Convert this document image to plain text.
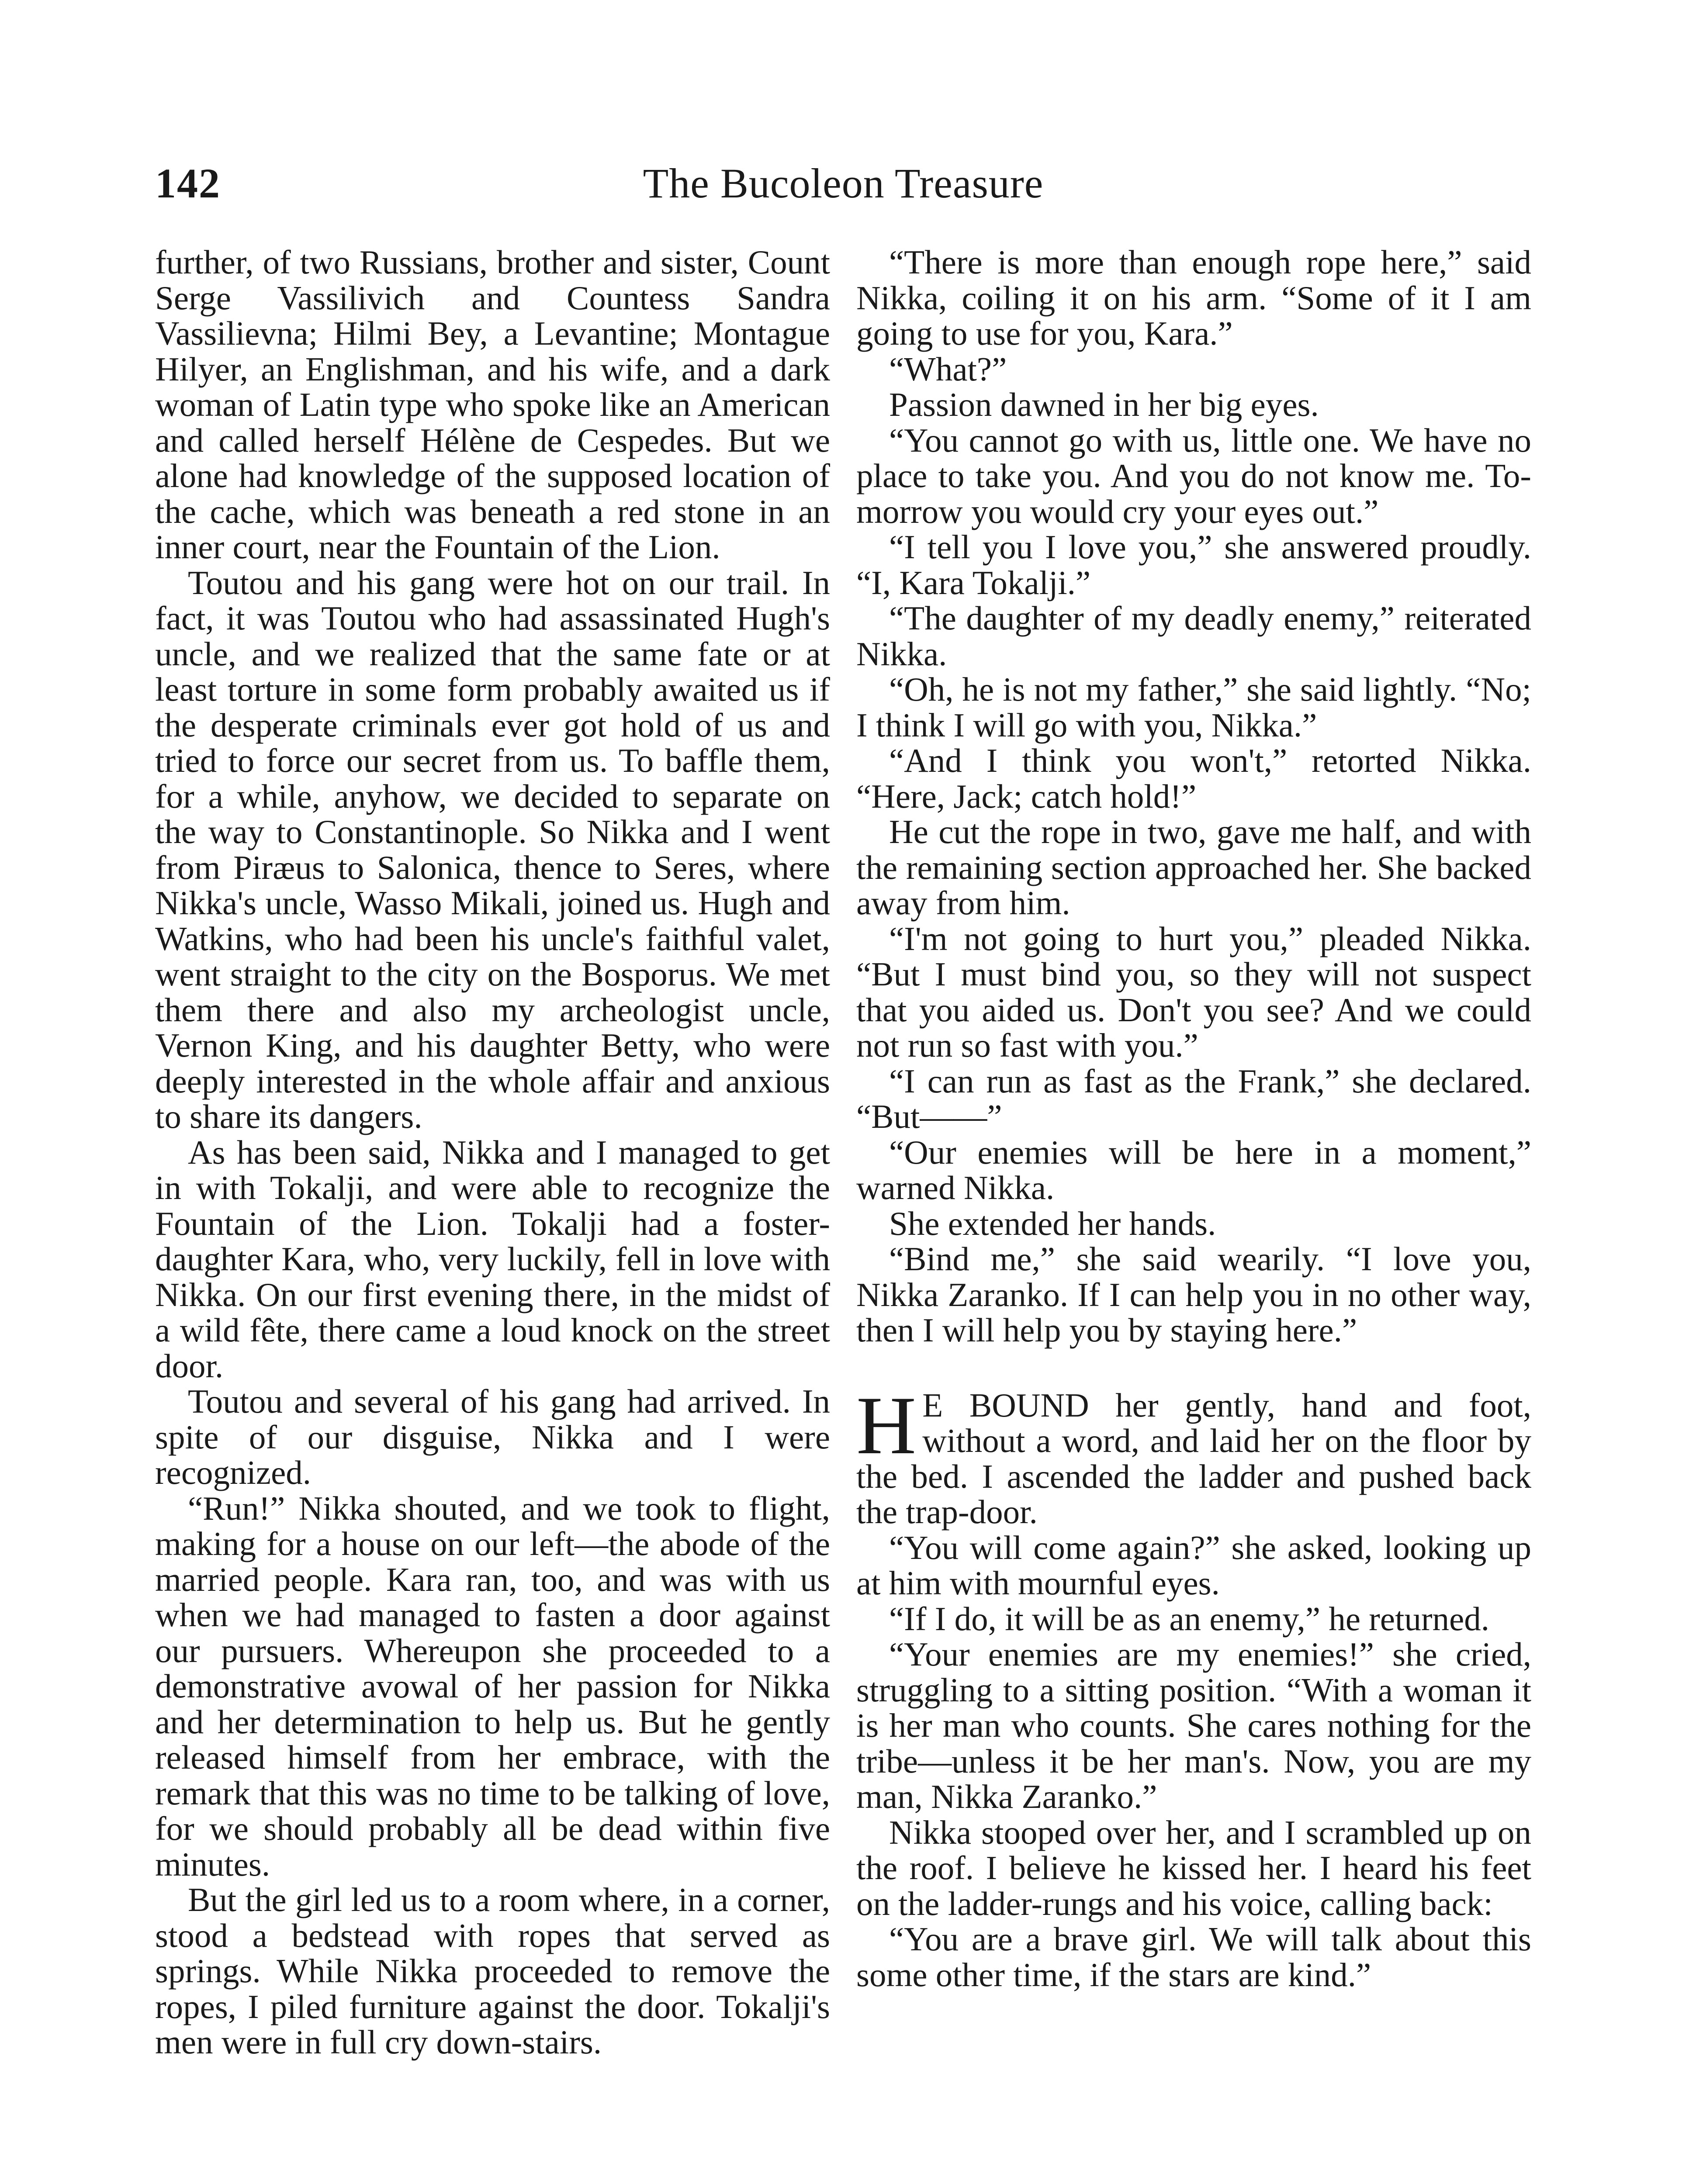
142	The Bucoleon Treasure

further, of two Russians, brother and sister, Count Serge Vassilivich and Countess Sandra Vassilievna; Hilmi Bey, a Levantine; Montague Hilyer, an Englishman, and his wife, and a dark woman of Latin type who spoke like an American and called herself Hélène de Cespedes. But we alone had knowledge of the supposed location of the cache, which was beneath a red stone in an inner court, near the Fountain of the Lion.

Toutou and his gang were hot on our trail. In fact, it was Toutou who had assassinated Hugh's uncle, and we realized that the same fate or at least torture in some form probably awaited us if the desperate criminals ever got hold of us and tried to force our secret from us. To baffle them, for a while, anyhow, we decided to separate on the way to Constantinople. So Nikka and I went from Piræus to Salonica, thence to Seres, where Nikka's uncle, Wasso Mikali, joined us. Hugh and Watkins, who had been his uncle's faithful valet, went straight to the city on the Bosporus. We met them there and also my archeologist uncle, Vernon King, and his daughter Betty, who were deeply interested in the whole affair and anxious to share its dangers.

As has been said, Nikka and I managed to get in with Tokalji, and were able to recognize the Fountain of the Lion. Tokalji had a foster-daughter Kara, who, very luckily, fell in love with Nikka. On our first evening there, in the midst of a wild fête, there came a loud knock on the street door.

Toutou and several of his gang had arrived. In spite of our disguise, Nikka and I were recognized.

“Run!” Nikka shouted, and we took to flight, making for a house on our left—the abode of the married people. Kara ran, too, and was with us when we had managed to fasten a door against our pursuers. Whereupon she proceeded to a demonstrative avowal of her passion for Nikka and her determination to help us. But he gently released himself from her embrace, with the remark that this was no time to be talking of love, for we should probably all be dead within five minutes.

But the girl led us to a room where, in a corner, stood a bedstead with ropes that served as springs. While Nikka proceeded to remove the ropes, I piled furniture against the door. Tokalji's men were in full cry down-stairs.

“There is more than enough rope here,” said Nikka, coiling it on his arm. “Some of it I am going to use for you, Kara.”

“What?”

Passion dawned in her big eyes.

“You cannot go with us, little one. We have no place to take you. And you do not know me. To-morrow you would cry your eyes out.”

“I tell you I love you,” she answered proudly. “I, Kara Tokalji.”

“The daughter of my deadly enemy,” reiterated Nikka.

“Oh, he is not my father,” she said lightly. “No; I think I will go with you, Nikka.”

“And I think you won't,” retorted Nikka. “Here, Jack; catch hold!”

He cut the rope in two, gave me half, and with the remaining section approached her. She backed away from him.

“I'm not going to hurt you,” pleaded Nikka. “But I must bind you, so they will not suspect that you aided us. Don't you see? And we could not run so fast with you.”

“I can run as fast as the Frank,” she declared. “But——”

“Our enemies will be here in a moment,” warned Nikka.

She extended her hands.

“Bind me,” she said wearily. “I love you, Nikka Zaranko. If I can help you in no other way, then I will help you by staying here.”

H E BOUND her gently, hand and foot, without a word, and laid her on the floor by the bed. I ascended the ladder and pushed back the trap-door.

“You will come again?” she asked, looking up at him with mournful eyes.

“If I do, it will be as an enemy,” he returned.

“Your enemies are my enemies!” she cried, struggling to a sitting position. “With a woman it is her man who counts. She cares nothing for the tribe—unless it be her man's. Now, you are my man, Nikka Zaranko.”

Nikka stooped over her, and I scrambled up on the roof. I believe he kissed her. I heard his feet on the ladder-rungs and his voice, calling back:

“You are a brave girl. We will talk about this some other time, if the stars are kind.”
